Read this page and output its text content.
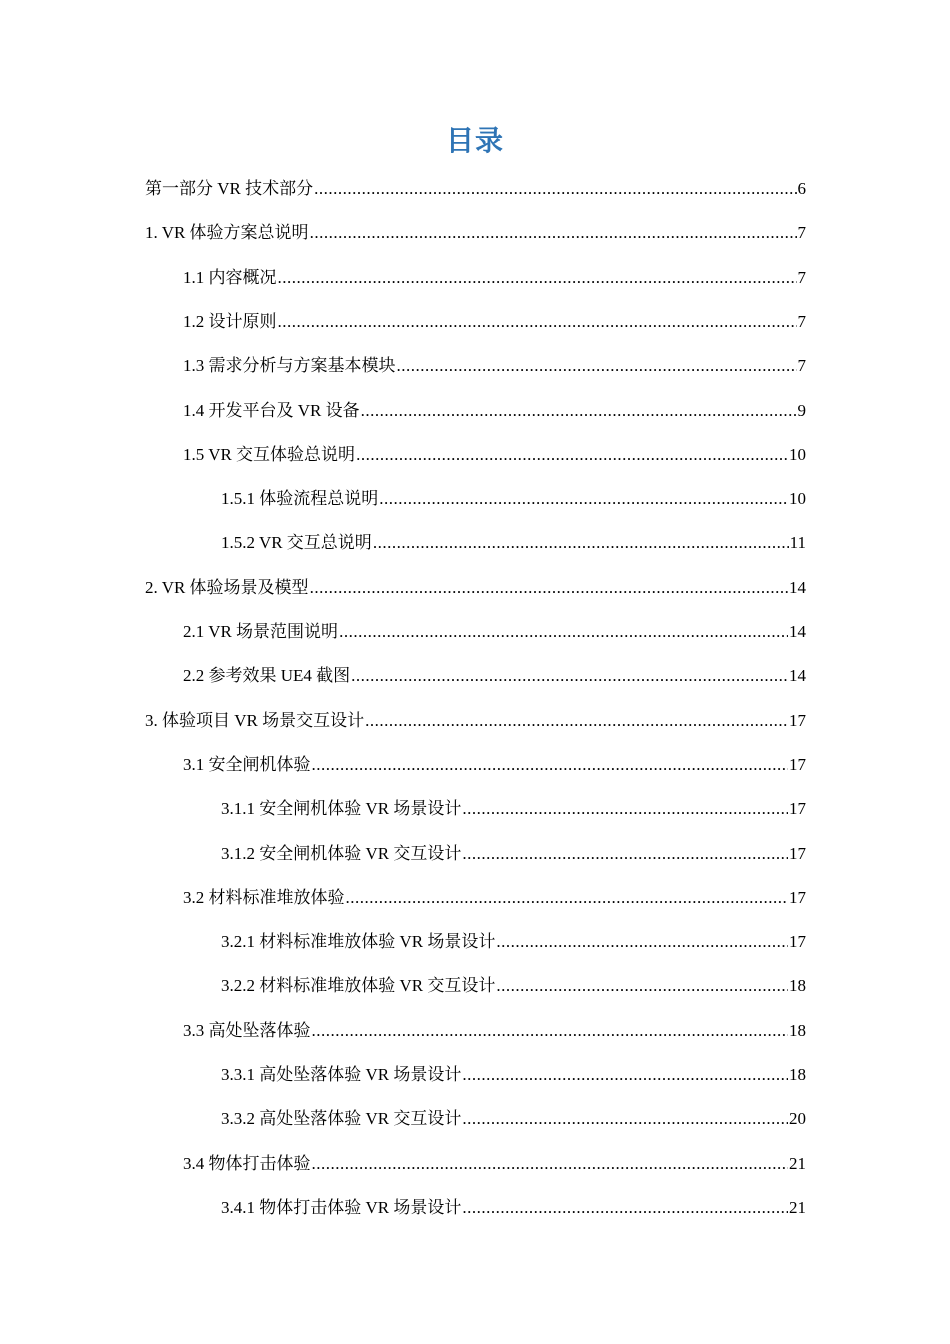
目录
第一部分 VR 技术部分 .....	6
1. VR 体验方案总说明 .....	7
1.1 内容概况 .....	7
1.2 设计原则 .....	7
1.3 需求分析与方案基本模块 .....	7
1.4 开发平台及 VR 设备 .....	9
1.5 VR 交互体验总说明 .....	10
1.5.1 体验流程总说明 .....	10
1.5.2 VR 交互总说明 .....	11
2. VR 体验场景及模型 .....	14
2.1 VR 场景范围说明 .....	14
2.2 参考效果 UE4 截图 .....	14
3. 体验项目 VR 场景交互设计 .....	17
3.1 安全闸机体验 .....	17
3.1.1 安全闸机体验 VR 场景设计 .....	17
3.1.2 安全闸机体验 VR 交互设计 .....	17
3.2 材料标准堆放体验 .....	17
3.2.1 材料标准堆放体验 VR 场景设计 .....	17
3.2.2 材料标准堆放体验 VR 交互设计 .....	18
3.3 高处坠落体验 .....	18
3.3.1 高处坠落体验 VR 场景设计 .....	18
3.3.2 高处坠落体验 VR 交互设计 .....	20
3.4 物体打击体验 .....	21
3.4.1 物体打击体验 VR 场景设计 .....	21
